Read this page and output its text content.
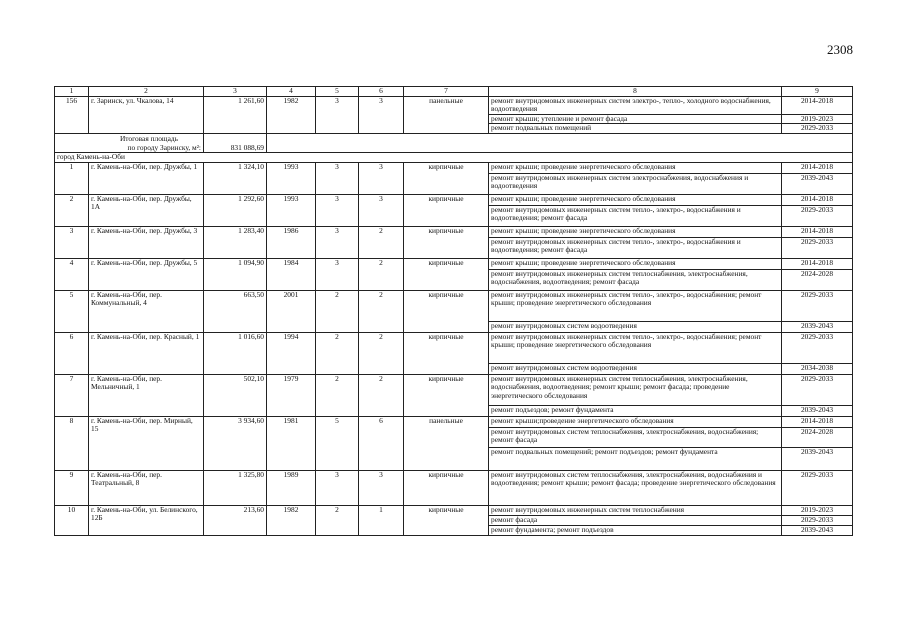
2308
1	2	3	4	5	6	7	8	9
156	г. Заринск, ул. Чкалова, 14	1 261,60	1982	3	3	панельные	ремонт внутридомовых инженерных систем электро-, тепло-, холодного водоснабжения, водоотведения	2014-2018
							ремонт крыши; утепление и ремонт фасада	2019-2023
							ремонт подвальных помещений	2029-2033

Итоговая площадь
по городу Заринску, м²:		831 088,69						
город Камень-на-Оби								
1	г. Камень-на-Оби, пер. Дружбы, 1	1 324,10	1993	3	3	кирпичные	ремонт крыши; проведение энергетического обследования	2014-2018
							ремонт внутридомовых инженерных систем электроснабжения, водоснабжения и водоотведения	2039-2043
2	г. Камень-на-Оби, пер. Дружбы, 1А	1 292,60	1993	3	3	кирпичные	ремонт крыши; проведение энергетического обследования	2014-2018
							ремонт внутридомовых инженерных систем тепло-, электро-, водоснабжения и водоотведения; ремонт фасада	2029-2033
3	г. Камень-на-Оби, пер. Дружбы, 3	1 283,40	1986	3	2	кирпичные	ремонт крыши; проведение энергетического обследования	2014-2018
							ремонт внутридомовых инженерных систем тепло-, электро-, водоснабжения и водоотведения; ремонт фасада	2029-2033
4	г. Камень-на-Оби, пер. Дружбы, 5	1 094,90	1984	3	2	кирпичные	ремонт крыши; проведение энергетического обследования	2014-2018
							ремонт внутридомовых инженерных систем теплоснабжения, электроснабжения, водоснабжения, водоотведения; ремонт фасада	2024-2028
5	г. Камень-на-Оби, пер. Коммунальный, 4	663,50	2001	2	2	кирпичные	ремонт внутридомовых инженерных систем тепло-, электро-, водоснабжения; ремонт крыши; проведение энергетического обследования	2029-2033
							ремонт внутридомовых систем водоотведения	2039-2043
6	г. Камень-на-Оби, пер. Красный, 1	1 016,60	1994	2	2	кирпичные	ремонт внутридомовых инженерных систем тепло-, электро-, водоснабжения; ремонт крыши; проведение энергетического обследования	2029-2033
							ремонт внутридомовых систем водоотведения	2034-2038
7	г. Камень-на-Оби, пер. Мельничный, 1	502,10	1979	2	2	кирпичные	ремонт внутридомовых инженерных систем теплоснабжения, электроснабжения, водоснабжения, водоотведения; ремонт крыши; ремонт фасада; проведение энергетического обследования	2029-2033
							ремонт подъездов; ремонт фундамента	2039-2043
8	г. Камень-на-Оби, пер. Мирный, 15	3 934,60	1981	5	6	панельные	ремонт крыши;проведение энергетического обследования	2014-2018
							ремонт внутридомовых систем теплоснабжения, электроснабжения, водоснабжения; ремонт фасада	2024-2028
							ремонт подвальных помещений; ремонт подъездов; ремонт фундамента	2039-2043
9	г. Камень-на-Оби, пер. Театральный, 8	1 325,80	1989	3	3	кирпичные	ремонт внутридомовых систем теплоснабжения, электроснабжения, водоснабжения и водоотведения; ремонт крыши; ремонт фасада; проведение энергетического обследования	2029-2033
10	г. Камень-на-Оби, ул. Белинского, 12Б	213,60	1982	2	1	кирпичные	ремонт внутридомовых инженерных систем теплоснабжения	2019-2023
							ремонт фасада	2029-2033
							ремонт фундамента; ремонт подъездов	2039-2043
